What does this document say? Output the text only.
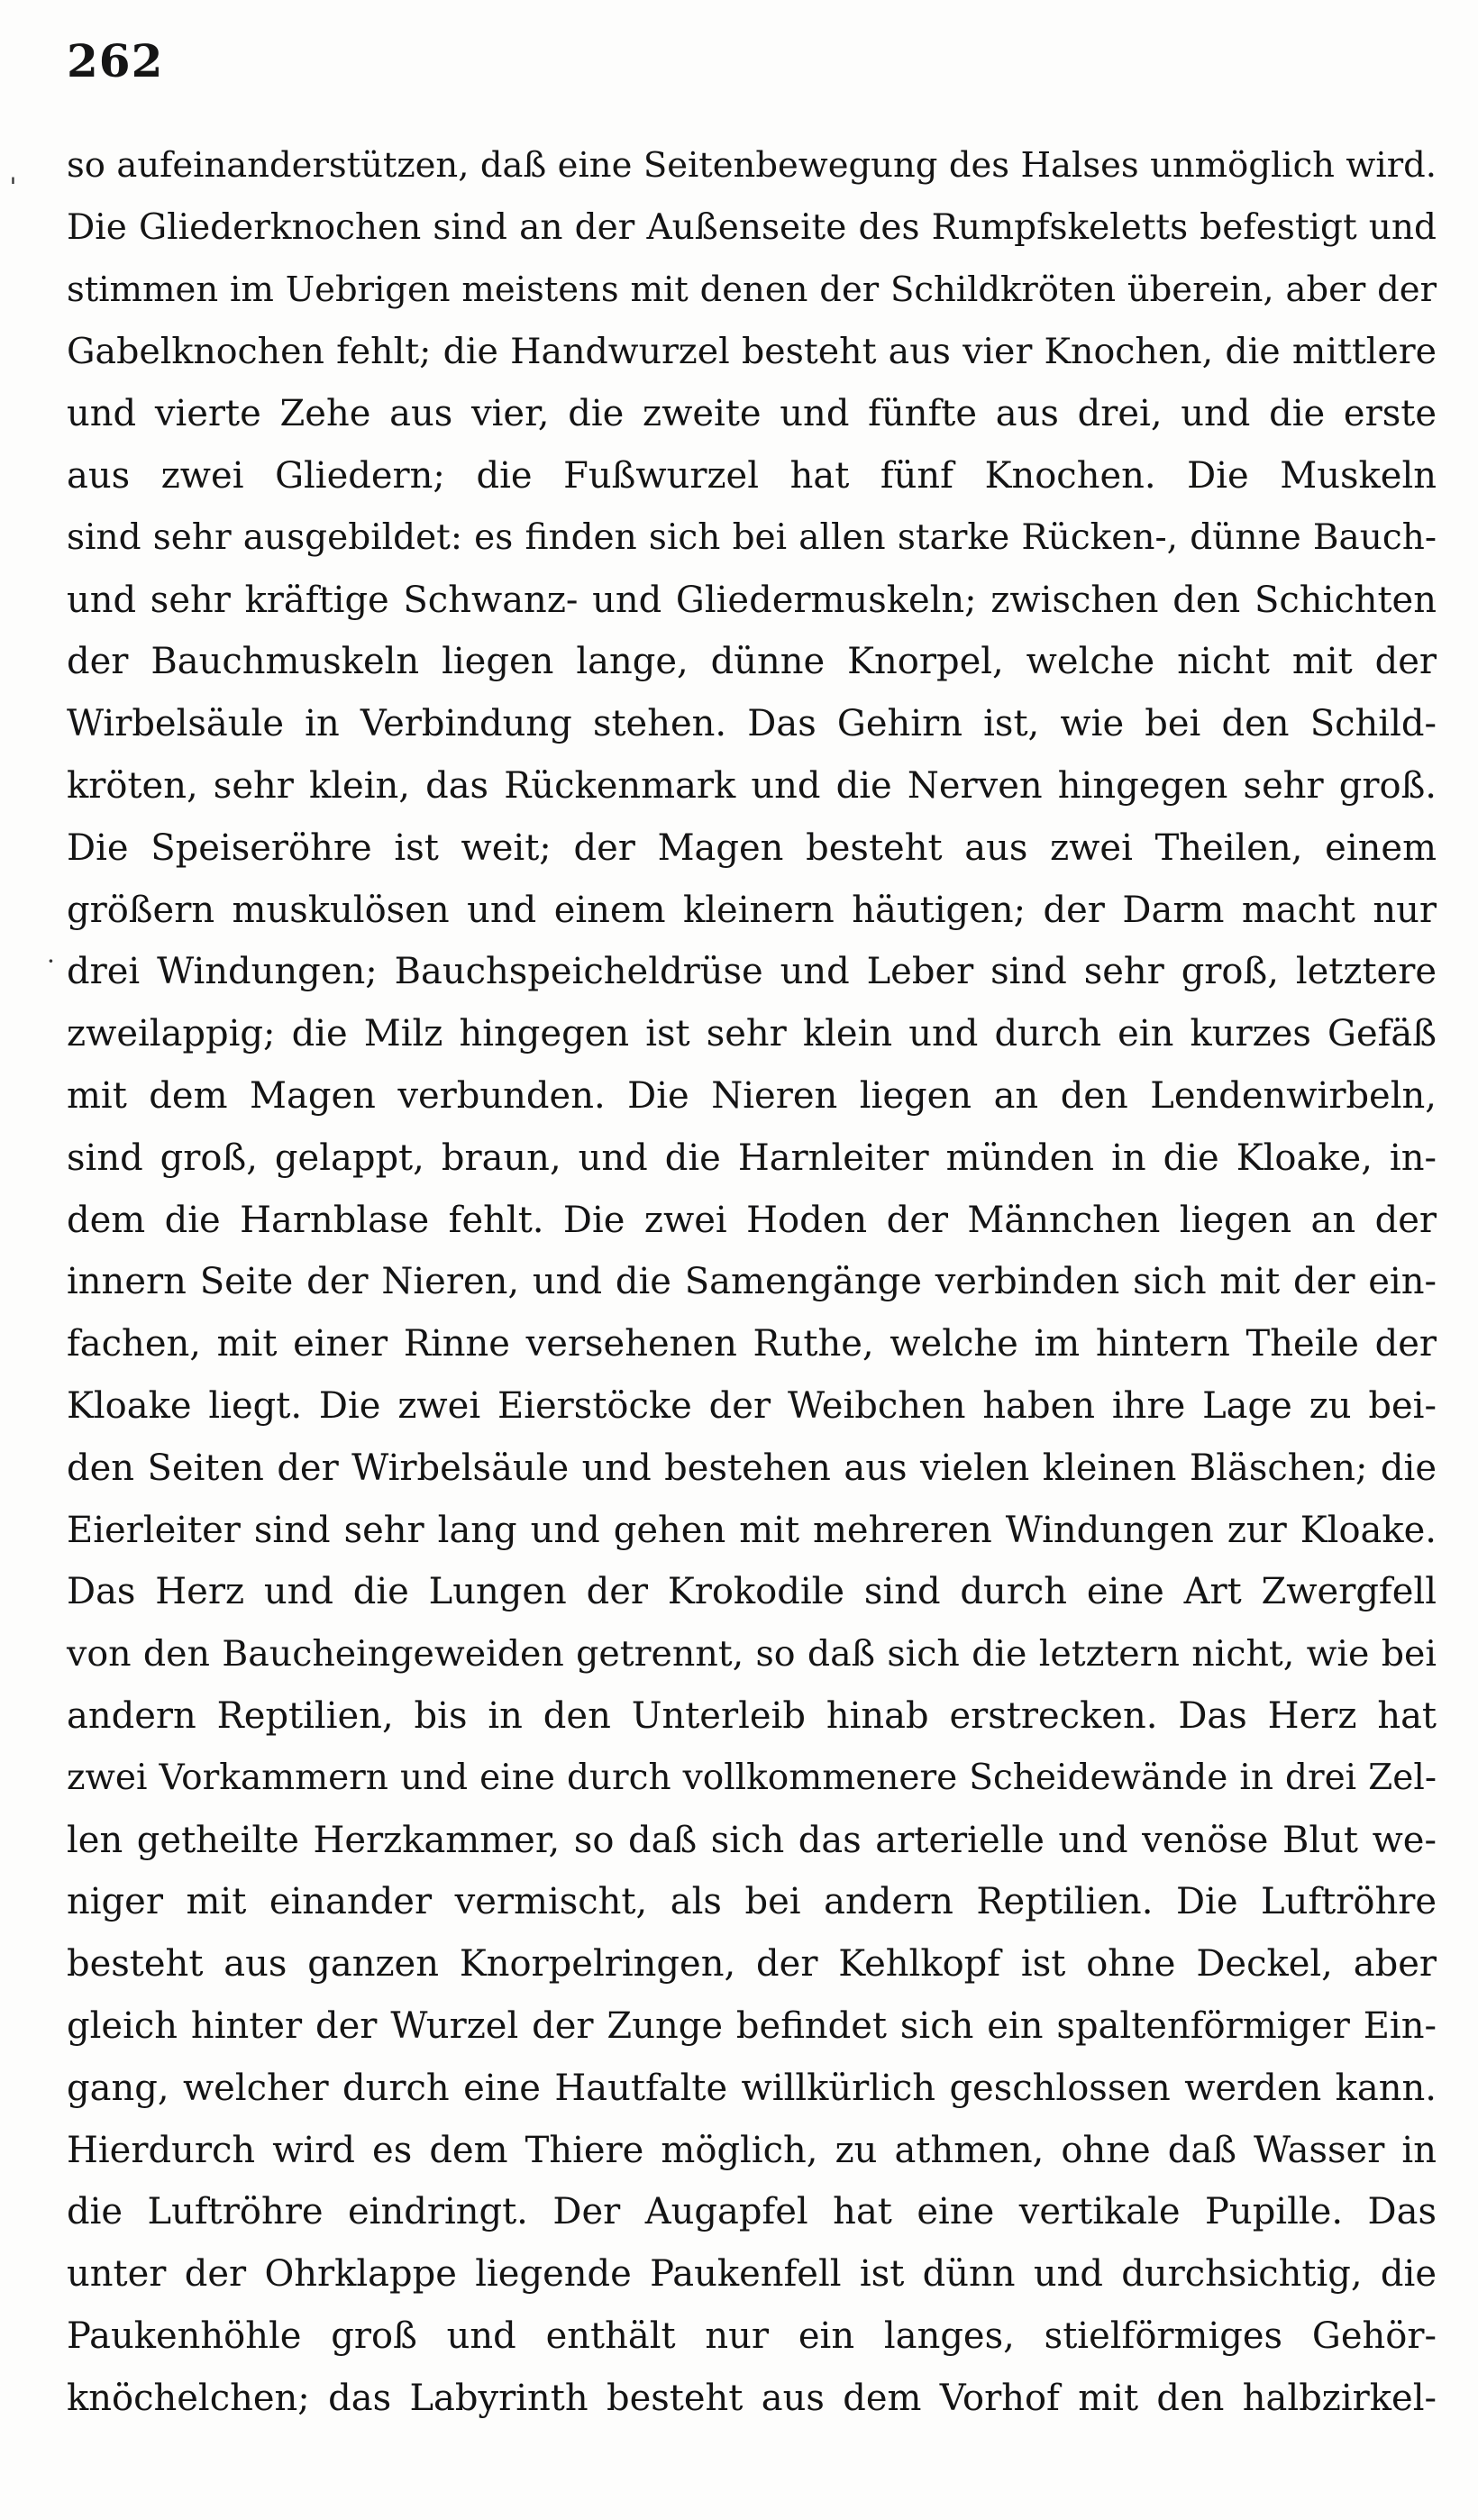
262
ˌ
·
so aufeinanderstützen, daß eine Seitenbewegung des Halses unmöglich wird.
Die Gliederknochen sind an der Außenseite des Rumpfskeletts befestigt und
stimmen im Uebrigen meistens mit denen der Schildkröten überein, aber der
Gabelknochen fehlt; die Handwurzel besteht aus vier Knochen, die mittlere
und vierte Zehe aus vier, die zweite und fünfte aus drei, und die erste
aus zwei Gliedern; die Fußwurzel hat fünf Knochen. Die Muskeln
sind sehr ausgebildet: es finden sich bei allen starke Rücken-, dünne Bauch-
und sehr kräftige Schwanz- und Gliedermuskeln; zwischen den Schichten
der Bauchmuskeln liegen lange, dünne Knorpel, welche nicht mit der
Wirbelsäule in Verbindung stehen. Das Gehirn ist, wie bei den Schild-
kröten, sehr klein, das Rückenmark und die Nerven hingegen sehr groß.
Die Speiseröhre ist weit; der Magen besteht aus zwei Theilen, einem
größern muskulösen und einem kleinern häutigen; der Darm macht nur
drei Windungen; Bauchspeicheldrüse und Leber sind sehr groß, letztere
zweilappig; die Milz hingegen ist sehr klein und durch ein kurzes Gefäß
mit dem Magen verbunden. Die Nieren liegen an den Lendenwirbeln,
sind groß, gelappt, braun, und die Harnleiter münden in die Kloake, in-
dem die Harnblase fehlt. Die zwei Hoden der Männchen liegen an der
innern Seite der Nieren, und die Samengänge verbinden sich mit der ein-
fachen, mit einer Rinne versehenen Ruthe, welche im hintern Theile der
Kloake liegt. Die zwei Eierstöcke der Weibchen haben ihre Lage zu bei-
den Seiten der Wirbelsäule und bestehen aus vielen kleinen Bläschen; die
Eierleiter sind sehr lang und gehen mit mehreren Windungen zur Kloake.
Das Herz und die Lungen der Krokodile sind durch eine Art Zwergfell
von den Baucheingeweiden getrennt, so daß sich die letztern nicht, wie bei
andern Reptilien, bis in den Unterleib hinab erstrecken. Das Herz hat
zwei Vorkammern und eine durch vollkommenere Scheidewände in drei Zel-
len getheilte Herzkammer, so daß sich das arterielle und venöse Blut we-
niger mit einander vermischt, als bei andern Reptilien. Die Luftröhre
besteht aus ganzen Knorpelringen, der Kehlkopf ist ohne Deckel, aber
gleich hinter der Wurzel der Zunge befindet sich ein spaltenförmiger Ein-
gang, welcher durch eine Hautfalte willkürlich geschlossen werden kann.
Hierdurch wird es dem Thiere möglich, zu athmen, ohne daß Wasser in
die Luftröhre eindringt. Der Augapfel hat eine vertikale Pupille. Das
unter der Ohrklappe liegende Paukenfell ist dünn und durchsichtig, die
Paukenhöhle groß und enthält nur ein langes, stielförmiges Gehör-
knöchelchen; das Labyrinth besteht aus dem Vorhof mit den halbzirkel-
